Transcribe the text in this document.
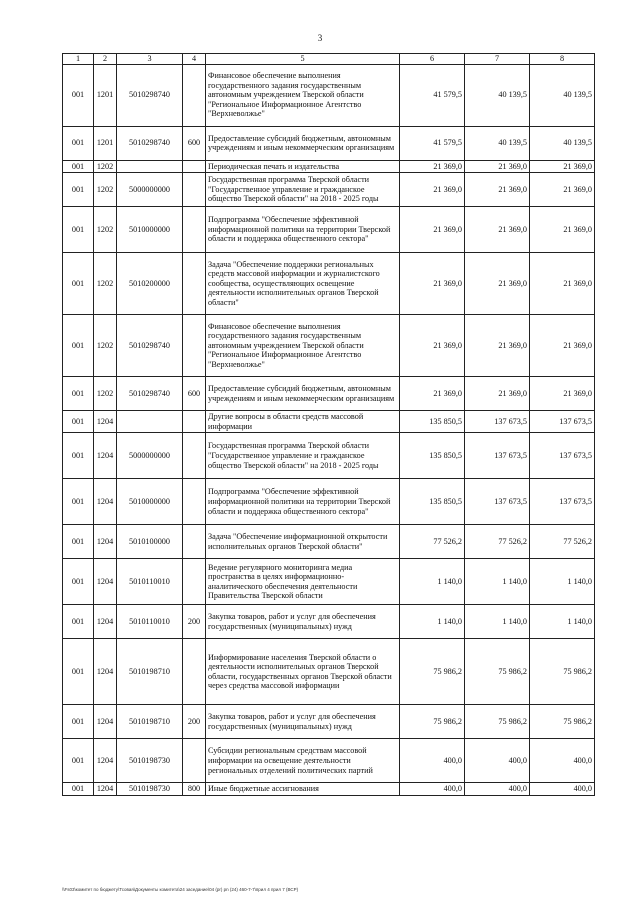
3
1	2	3	4	5	6	7	8
001	1201	5010298740		Финансовое обеспечение выполнения государственного задания государственным автономным учреждением Тверской области "Региональное Информационное Агентство "Верхневолжье"	41 579,5	40 139,5	40 139,5
001	1201	5010298740	600	Предоставление субсидий бюджетным, автономным учреждениям и иным некоммерческим организациям	41 579,5	40 139,5	40 139,5
001	1202			Периодическая печать и издательства	21 369,0	21 369,0	21 369,0
001	1202	5000000000		Государственная программа Тверской области "Государственное управление и гражданское общество Тверской области" на 2018 - 2025 годы	21 369,0	21 369,0	21 369,0
001	1202	5010000000		Подпрограмма "Обеспечение эффективной информационной политики на территории Тверской области и поддержка общественного сектора"	21 369,0	21 369,0	21 369,0
001	1202	5010200000		Задача "Обеспечение поддержки региональных средств массовой информации и журналистского сообщества, осуществляющих освещение деятельности исполнительных органов Тверской области"	21 369,0	21 369,0	21 369,0
001	1202	5010298740		Финансовое обеспечение выполнения государственного задания государственным автономным учреждением Тверской области "Региональное Информационное Агентство "Верхневолжье"	21 369,0	21 369,0	21 369,0
001	1202	5010298740	600	Предоставление субсидий бюджетным, автономным учреждениям и иным некоммерческим организациям	21 369,0	21 369,0	21 369,0
001	1204			Другие вопросы в области средств массовой информации	135 850,5	137 673,5	137 673,5
001	1204	5000000000		Государственная программа Тверской области "Государственное управление и гражданское общество Тверской области" на 2018 - 2025 годы	135 850,5	137 673,5	137 673,5
001	1204	5010000000		Подпрограмма "Обеспечение эффективной информационной политики на территории Тверской области и поддержка общественного сектора"	135 850,5	137 673,5	137 673,5
001	1204	5010100000		Задача "Обеспечение информационной открытости исполнительных органов Тверской области"	77 526,2	77 526,2	77 526,2
001	1204	5010110010		Ведение регулярного мониторинга медиа пространства в целях информационно-аналитического обеспечения деятельности Правительства Тверской области	1 140,0	1 140,0	1 140,0
001	1204	5010110010	200	Закупка товаров, работ и услуг для обеспечения государственных (муниципальных) нужд	1 140,0	1 140,0	1 140,0
001	1204	5010198710		Информирование населения Тверской области о деятельности исполнительных органов Тверской области, государственных органов Тверской области через средства массовой информации	75 986,2	75 986,2	75 986,2
001	1204	5010198710	200	Закупка товаров, работ и услуг для обеспечения государственных (муниципальных) нужд	75 986,2	75 986,2	75 986,2
001	1204	5010198730		Субсидии региональным средствам массовой информации на освещение деятельности региональных отделений политических партий	400,0	400,0	400,0
001	1204	5010198730	800	Иные бюджетные ассигнования	400,0	400,0	400,0
\\Fs03\комитет по бюджету\Тсовая\Документы комитета\24 заседание\04 (pr) pn (24) 460-7-7\прил 4 прил 7 (ВСР)
